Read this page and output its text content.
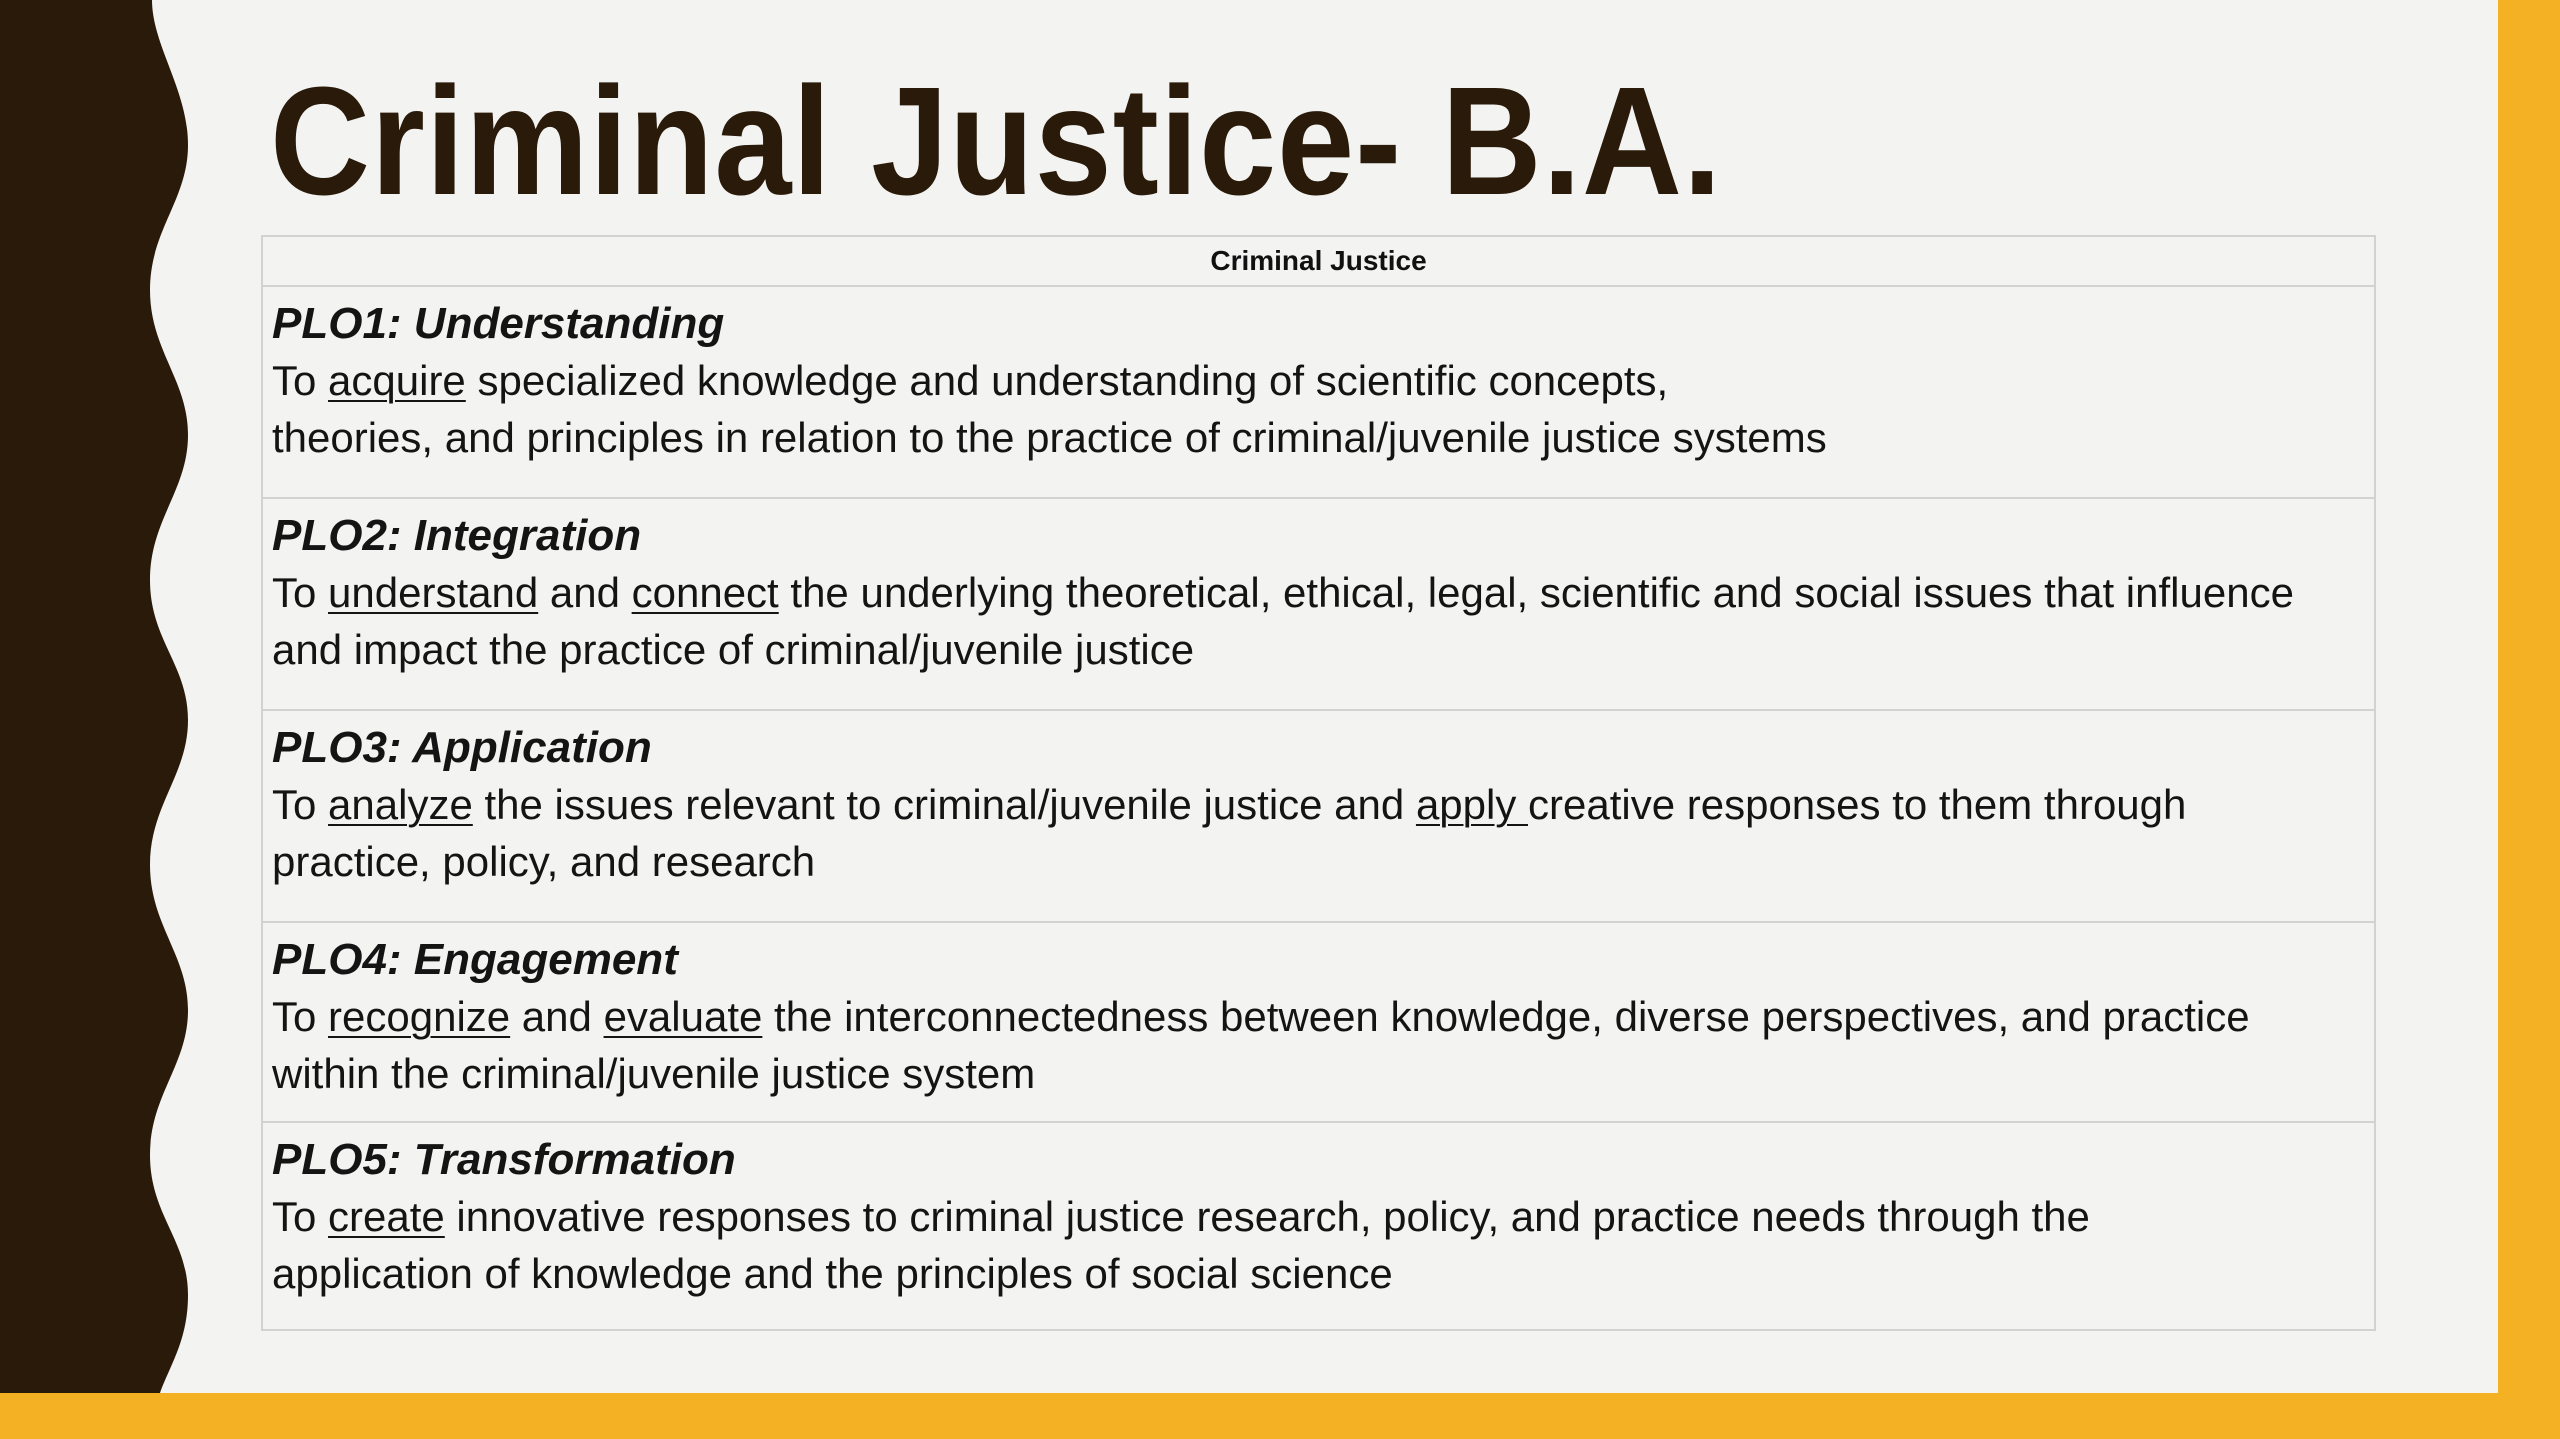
Criminal Justice- B.A.
Criminal Justice
PLO1: Understanding
To acquire specialized knowledge and understanding of scientific concepts,
theories, and principles in relation to the practice of criminal/juvenile justice systems
PLO2: Integration
To understand and connect the underlying theoretical, ethical, legal, scientific and social issues that influence
and impact the practice of criminal/juvenile justice
PLO3: Application
To analyze the issues relevant to criminal/juvenile justice and apply creative responses to them through
practice, policy, and research
PLO4: Engagement
To recognize and evaluate the interconnectedness between knowledge, diverse perspectives, and practice
within the criminal/juvenile justice system
PLO5: Transformation
To create innovative responses to criminal justice research, policy, and practice needs through the
application of knowledge and the principles of social science
